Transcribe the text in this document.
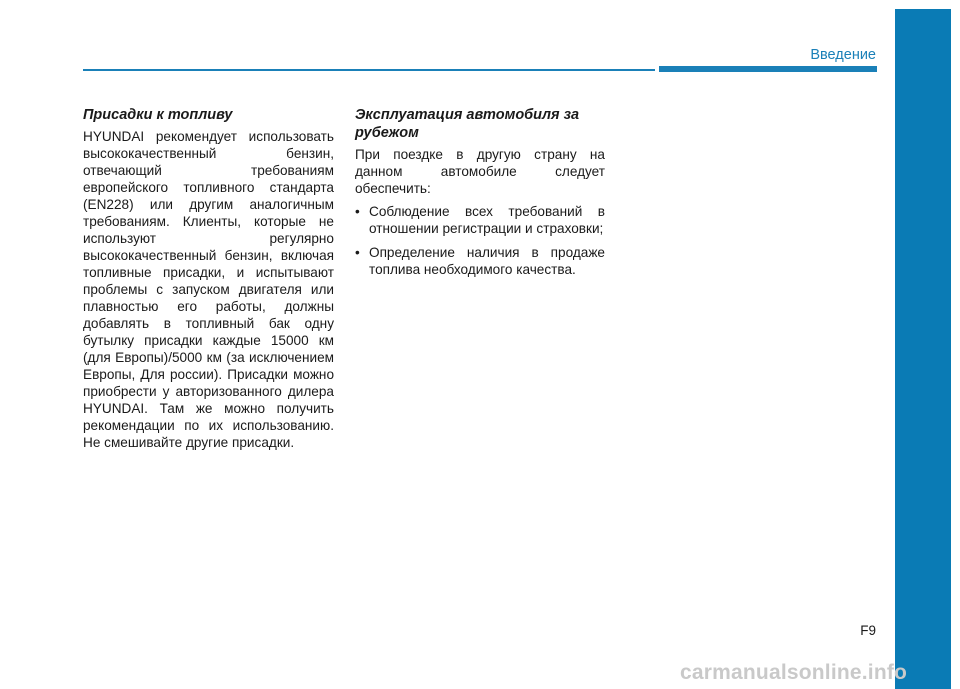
Введение
Присадки к топливу

HYUNDAI рекомендует использовать высококачественный бензин, отвечающий требованиям европейского топливного стандарта (EN228) или другим аналогичным требованиям. Клиенты, которые не используют регулярно высококачественный бензин, включая топливные присадки, и испытывают проблемы с запуском двигателя или плавностью его работы, должны добавлять в топливный бак одну бутылку присадки каждые 15000 км (для Европы)/5000 км (за исключением Европы, Для россии). Присадки можно приобрести у авторизованного дилера HYUNDAI. Там же можно получить рекомендации по их использованию. Не смешивайте другие присадки.

Эксплуатация автомобиля за рубежом

При поездке в другую страну на данном автомобиле следует обеспечить:

• Соблюдение всех требований в отношении регистрации и страховки;
• Определение наличия в продаже топлива необходимого качества.
F9
carmanualsonline.info
